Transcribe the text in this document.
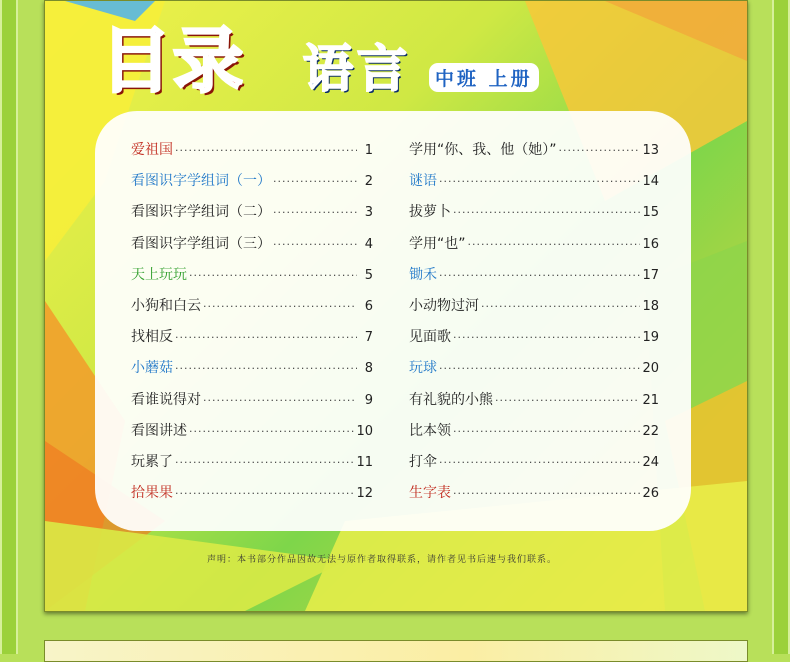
目录 语言	中班 上册
爱祖国 ·····	1
看图识字学组词（一） ·····	2
看图识字学组词（二） ·····	3
看图识字学组词（三） ·····	4
天上玩玩 ·····	5
小狗和白云 ·····	6
找相反 ·····	7
小蘑菇 ·····	8
看谁说得对 ·····	9
看图讲述 ·····	10
玩累了 ·····	11
拾果果 ·····	12
学用“你、我、他（她）” ·····	13
谜语 ·····	14
拔萝卜 ·····	15
学用“也” ·····	16
锄禾 ·····	17
小动物过河 ·····	18
见面歌 ·····	19
玩球 ·····	20
有礼貌的小熊 ·····	21
比本领 ·····	22
打伞 ·····	24
生字表 ·····	26
声明：本书部分作品因故无法与原作者取得联系，请作者见书后速与我们联系。
